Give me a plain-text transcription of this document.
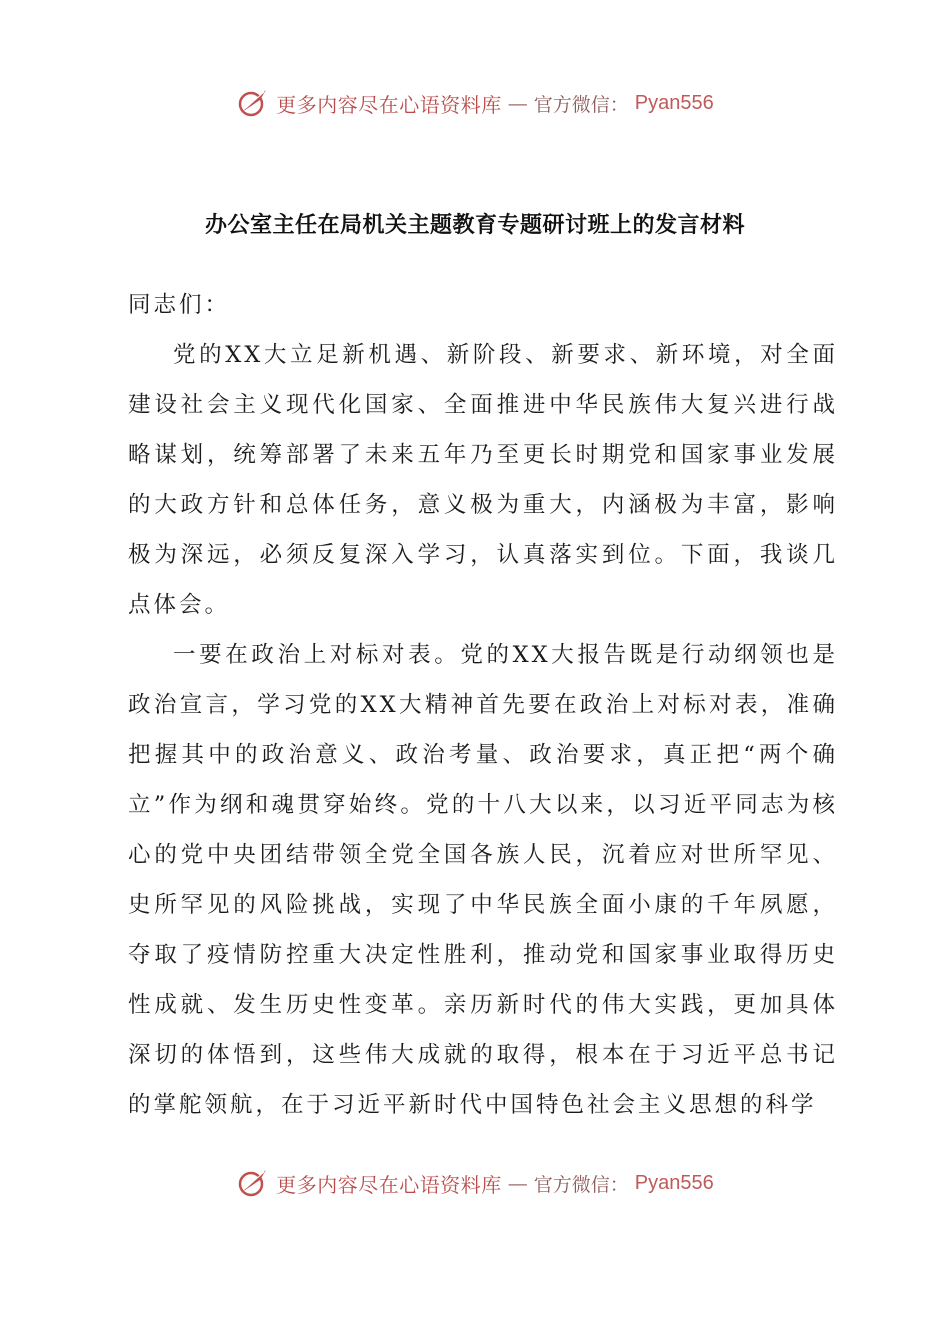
更多内容尽在心语资料库 — 官方微信： Pyan556
办公室主任在局机关主题教育专题研讨班上的发言材料

同志们：

党的XX大立足新机遇、新阶段、新要求、新环境，对全面建设社会主义现代化国家、全面推进中华民族伟大复兴进行战略谋划，统筹部署了未来五年乃至更长时期党和国家事业发展的大政方针和总体任务，意义极为重大，内涵极为丰富，影响极为深远，必须反复深入学习，认真落实到位。下面，我谈几点体会。

一要在政治上对标对表。党的XX大报告既是行动纲领也是政治宣言，学习党的XX大精神首先要在政治上对标对表，准确把握其中的政治意义、政治考量、政治要求，真正把“两个确立”作为纲和魂贯穿始终。党的十八大以来，以习近平同志为核心的党中央团结带领全党全国各族人民，沉着应对世所罕见、史所罕见的风险挑战，实现了中华民族全面小康的千年夙愿，夺取了疫情防控重大决定性胜利，推动党和国家事业取得历史性成就、发生历史性变革。亲历新时代的伟大实践，更加具体深切的体悟到，这些伟大成就的取得，根本在于习近平总书记的掌舵领航，在于习近平新时代中国特色社会主义思想的科学

更多内容尽在心语资料库 — 官方微信： Pyan556
